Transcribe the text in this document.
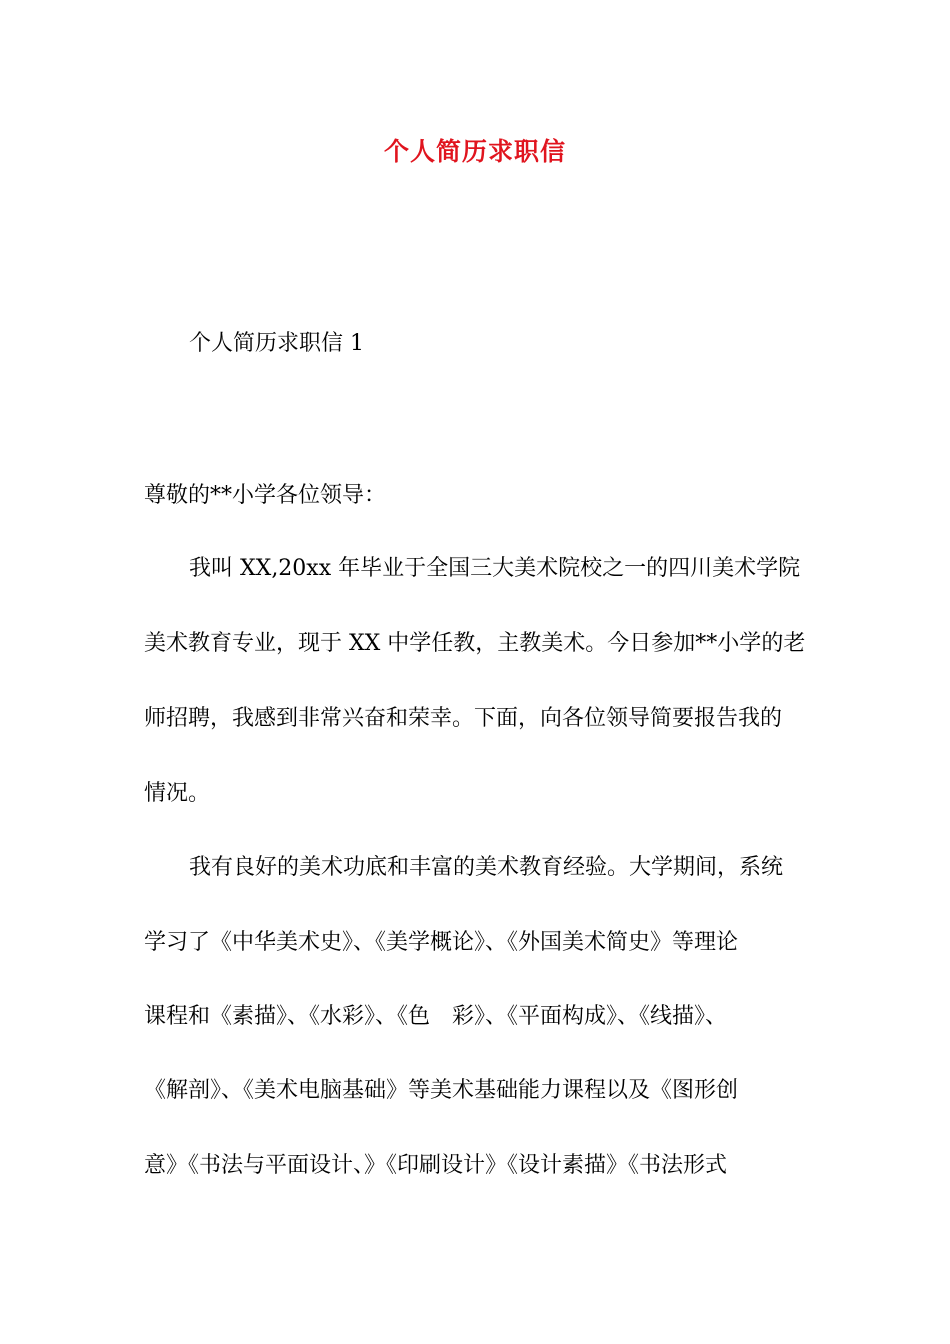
个人简历求职信
个人简历求职信 1
尊敬的**小学各位领导：
我叫 XX,20xx 年毕业于全国三大美术院校之一的四川美术学院
美术教育专业，现于 XX 中学任教，主教美术。今日参加**小学的老
师招聘，我感到非常兴奋和荣幸。下面，向各位领导简要报告我的
情况。
我有良好的美术功底和丰富的美术教育经验。大学期间，系统
学习了《中华美术史》、《美学概论》、《外国美术简史》等理论
课程和《素描》、《水彩》、《色　彩》、《平面构成》、《线描》、
《解剖》、《美术电脑基础》等美术基础能力课程以及《图形创
意》《书法与平面设计、》《印刷设计》《设计素描》《书法形式
